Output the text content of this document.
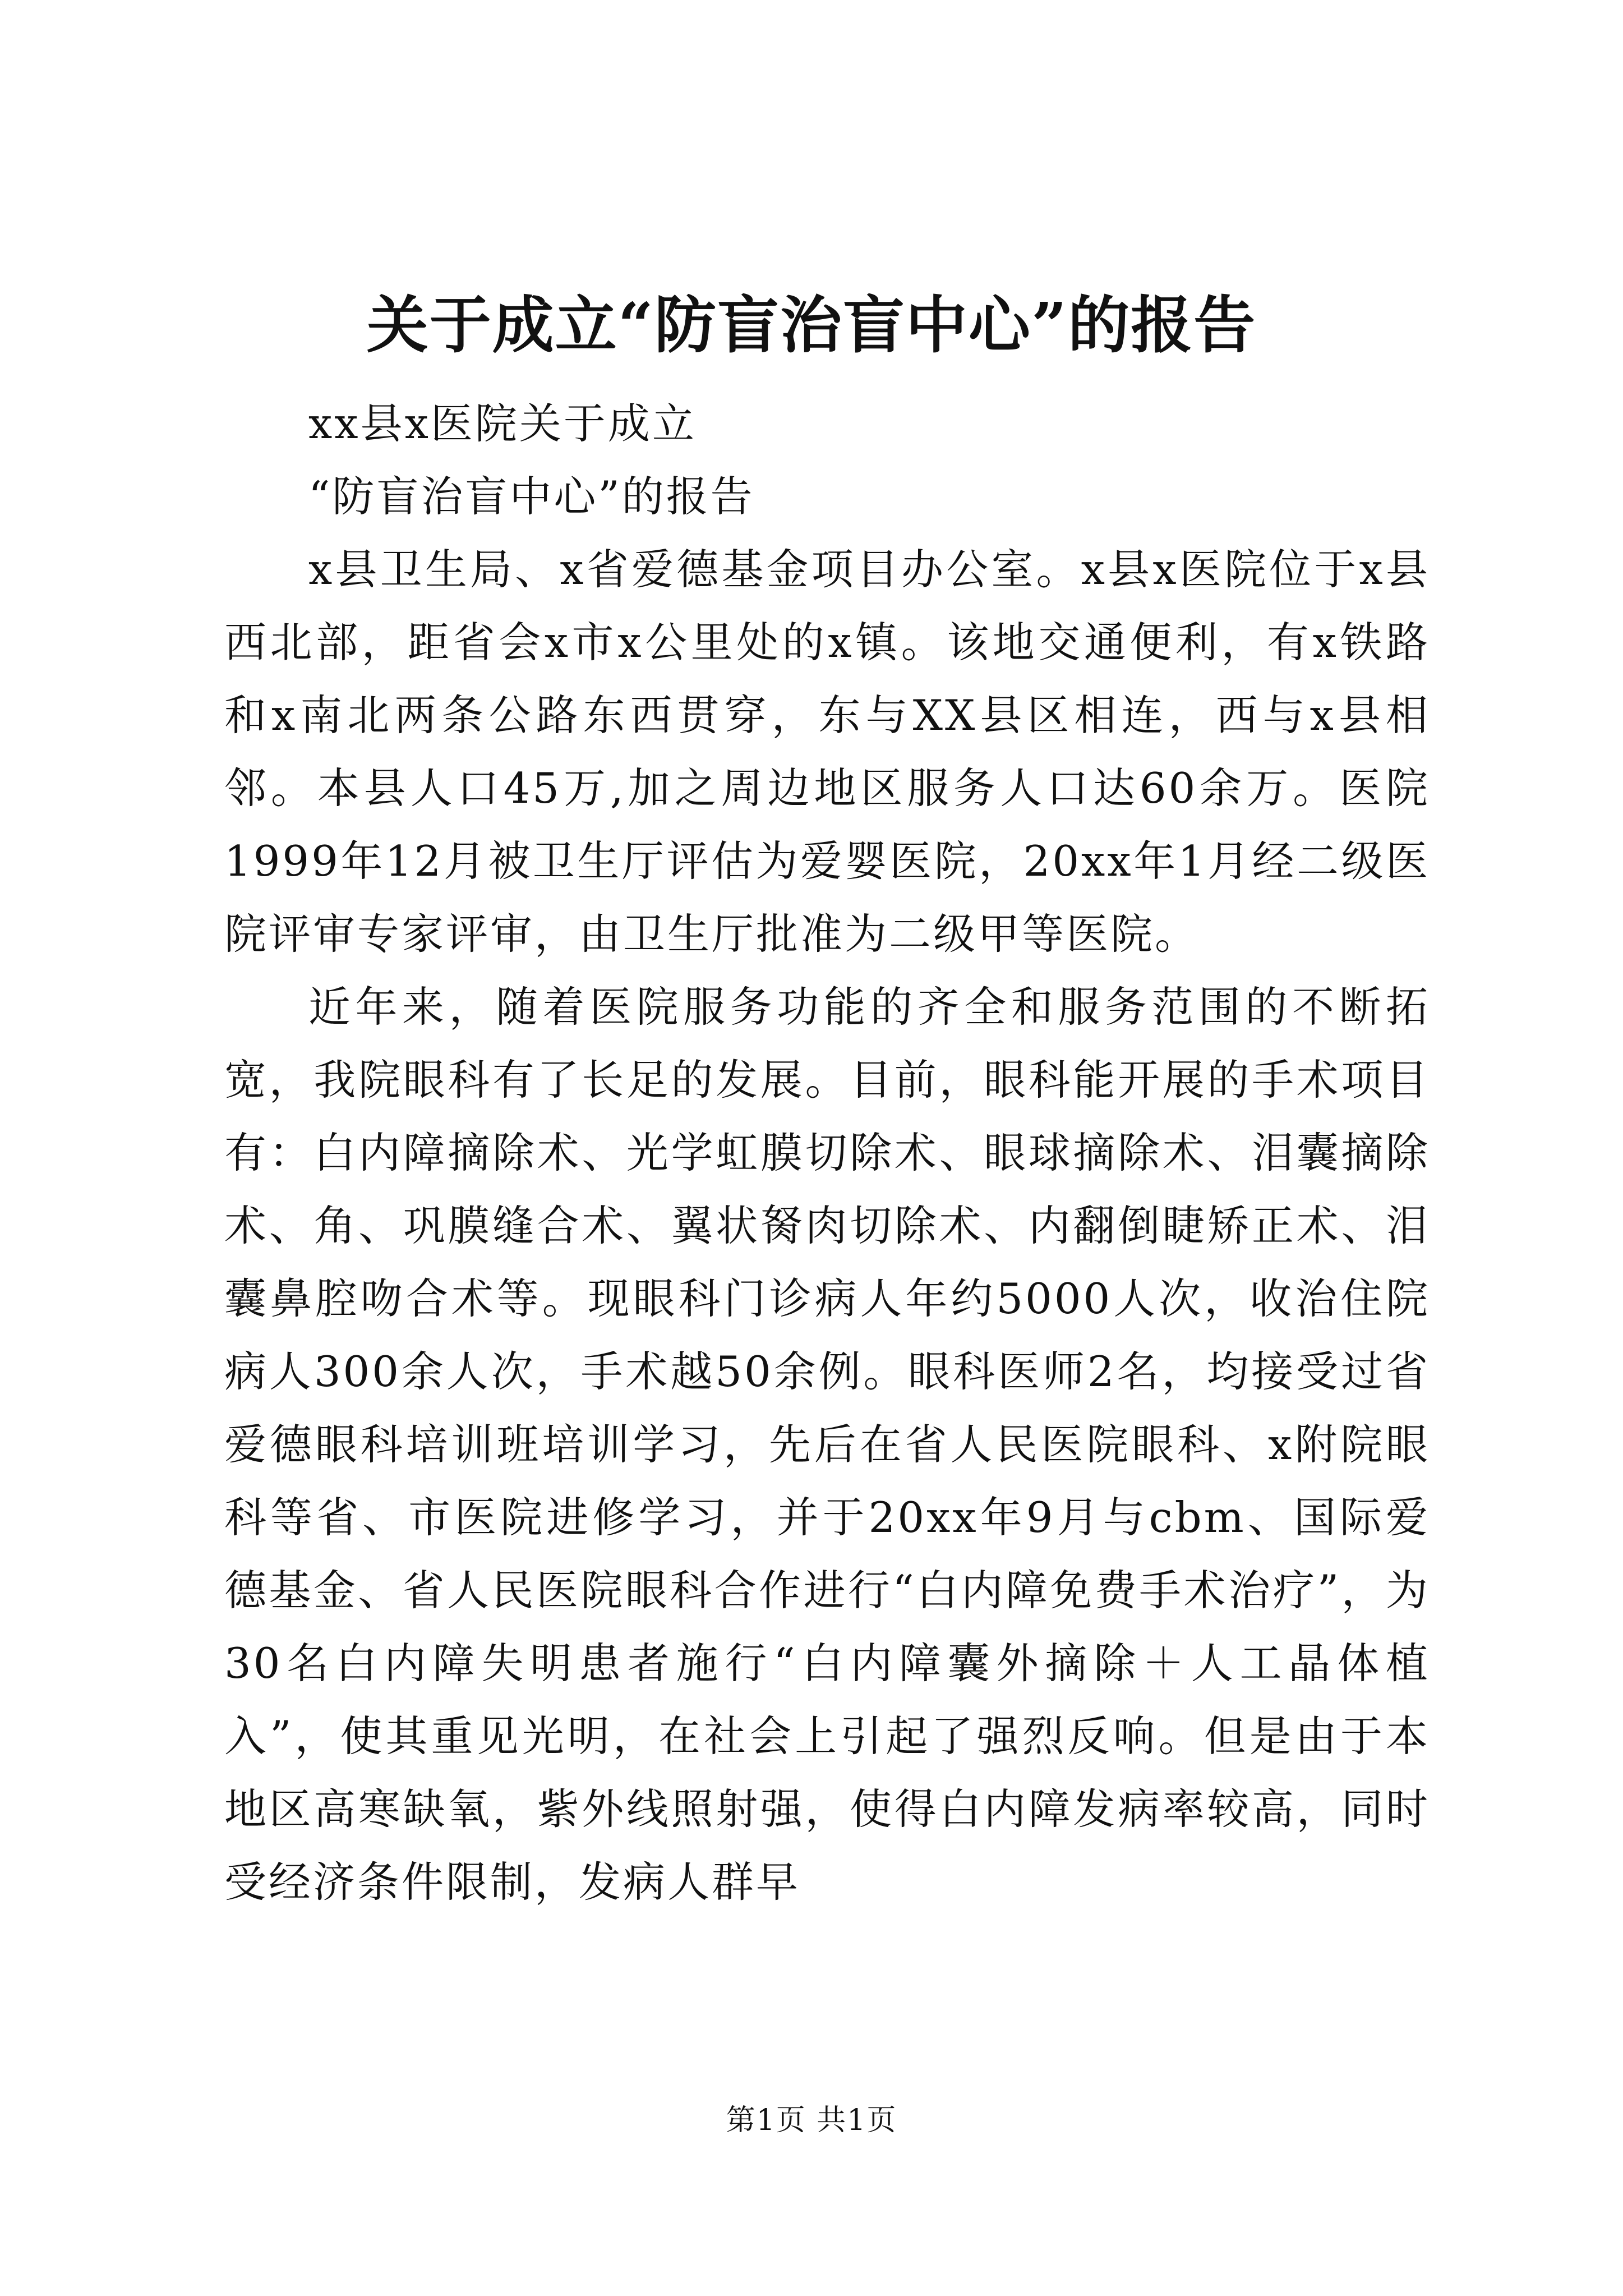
关于成立“防盲治盲中心”的报告

xx县x医院关于成立

“防盲治盲中心”的报告

x县卫生局、x省爱德基金项目办公室。x县x医院位于x县西北部，距省会x市x公里处的x镇。该地交通便利，有x铁路和x南北两条公路东西贯穿，东与XX县区相连，西与x县相邻。本县人口45万,加之周边地区服务人口达60余万。医院1999年12月被卫生厅评估为爱婴医院，20xx年1月经二级医院评审专家评审，由卫生厅批准为二级甲等医院。

近年来，随着医院服务功能的齐全和服务范围的不断拓宽，我院眼科有了长足的发展。目前，眼科能开展的手术项目有：白内障摘除术、光学虹膜切除术、眼球摘除术、泪囊摘除术、角、巩膜缝合术、翼状胬肉切除术、内翻倒睫矫正术、泪囊鼻腔吻合术等。现眼科门诊病人年约5000人次，收治住院病人300余人次，手术越50余例。眼科医师2名，均接受过省爱德眼科培训班培训学习，先后在省人民医院眼科、x附院眼科等省、市医院进修学习，并于20xx年9月与cbm、国际爱德基金、省人民医院眼科合作进行“白内障免费手术治疗”，为30名白内障失明患者施行“白内障囊外摘除＋人工晶体植入”，使其重见光明，在社会上引起了强烈反响。但是由于本地区高寒缺氧，紫外线照射强，使得白内障发病率较高，同时受经济条件限制，发病人群早

第1页 共1页
